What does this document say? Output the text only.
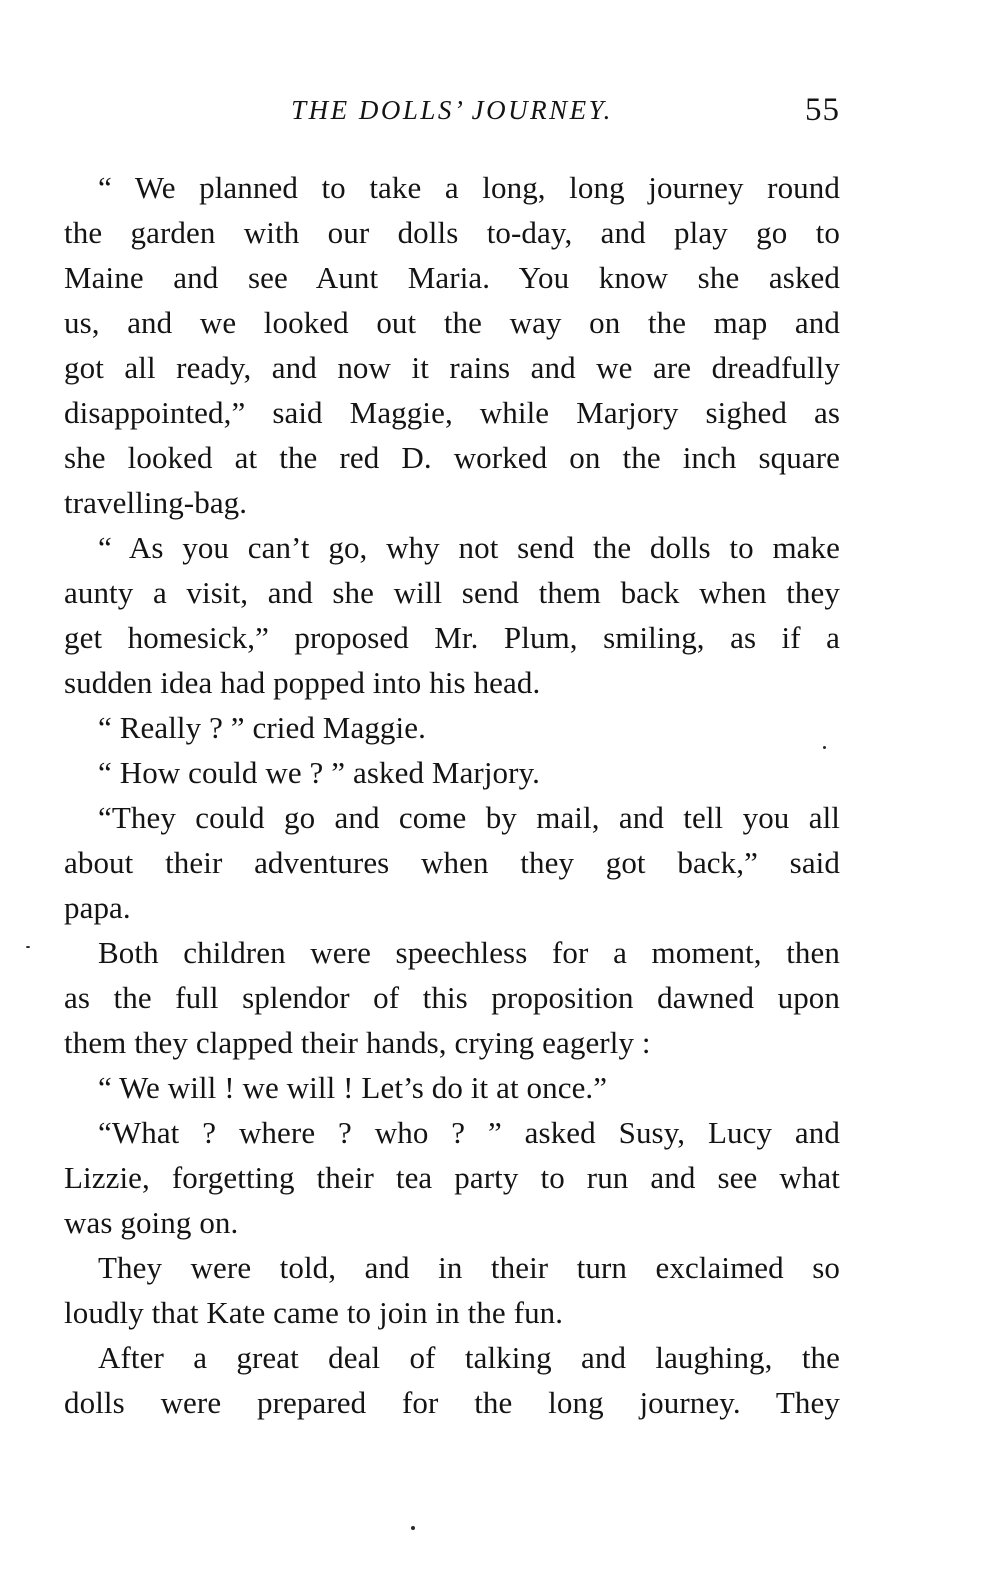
THE DOLLS’ JOURNEY.	55
“ We planned to take a long, long journey round
the garden with our dolls to-day, and play go to
Maine and see Aunt Maria. You know she asked
us, and we looked out the way on the map and
got all ready, and now it rains and we are dreadfully
disappointed,” said Maggie, while Marjory sighed as
she looked at the red D. worked on the inch square
travelling-bag.
“ As you can’t go, why not send the dolls to make
aunty a visit, and she will send them back when they
get homesick,” proposed Mr. Plum, smiling, as if a
sudden idea had popped into his head.
“ Really ? ” cried Maggie.
“ How could we ? ” asked Marjory.
“They could go and come by mail, and tell you all
about their adventures when they got back,” said
papa.
Both children were speechless for a moment, then
as the full splendor of this proposition dawned upon
them they clapped their hands, crying eagerly :
“ We will ! we will ! Let’s do it at once.”
“What ? where ? who ? ” asked Susy, Lucy and
Lizzie, forgetting their tea party to run and see what
was going on.
They were told, and in their turn exclaimed so
loudly that Kate came to join in the fun.
After a great deal of talking and laughing, the
dolls were prepared for the long journey. They
